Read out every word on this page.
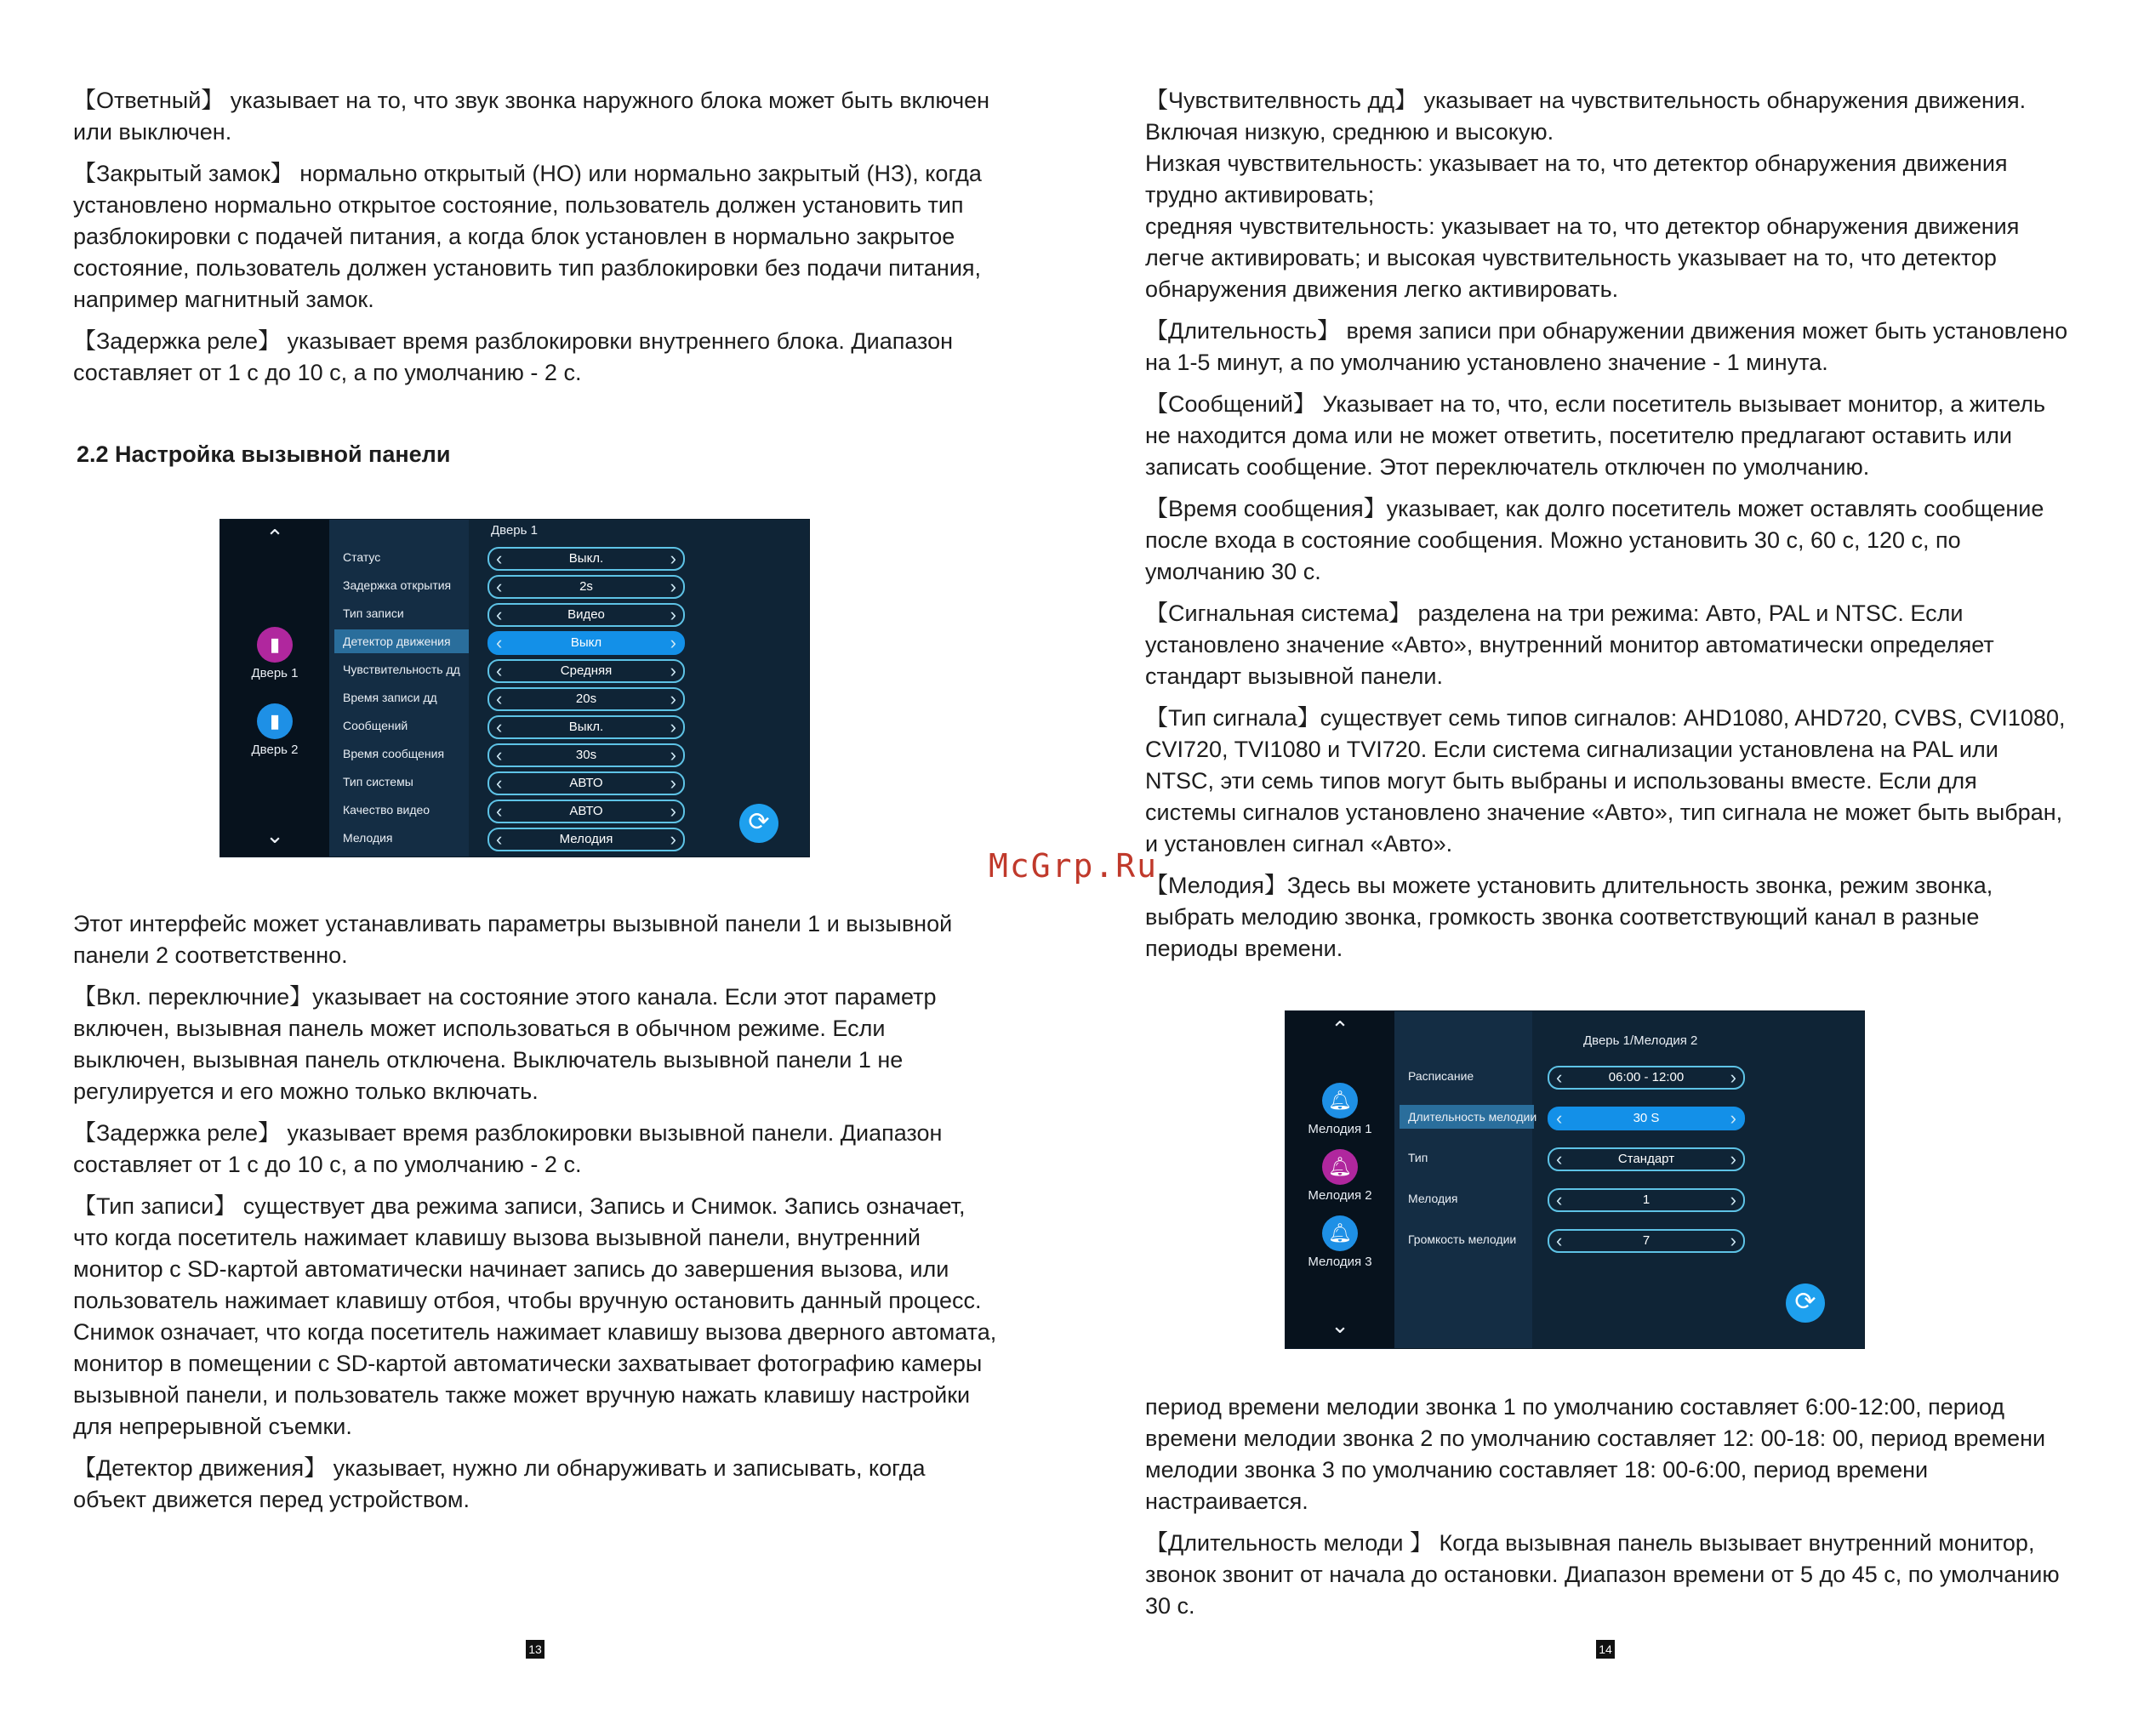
【Ответный】 указывает на то, что звук звонка наружного блока может быть включен или выключен.

【Закрытый замок】 нормально открытый (НО) или нормально закрытый (НЗ), когда установлено нормально открытое состояние, пользователь должен установить тип разблокировки с подачей питания, а когда блок установлен в нормально закрытое состояние, пользователь должен установить тип разблокировки без подачи питания, например магнитный замок.

【Задержка реле】 указывает время разблокировки внутреннего блока. Диапазон составляет от 1 с до 10 с, а по умолчанию - 2 с.

2.2 Настройка вызывной панели
⌃
▮
Дверь 1
▮
Дверь 2
⌄
Дверь 1
Статус	‹	Выкл.	›
Задержка открытия	‹	2s	›
Тип записи	‹	Видео	›
Детектор движения	‹	Выкл	›
Чувствительность дд	‹	Средняя	›
Время записи дд	‹	20s	›
Сообщений	‹	Выкл.	›
Время сообщения	‹	30s	›
Тип системы	‹	АВТО	›
Качество видео	‹	АВТО	›
Мелодия	‹	Мелодия	›
⟳

Этот интерфейс может устанавливать параметры вызывной панели 1 и вызывной панели 2 соответственно.

【Вкл. переключние】указывает на состояние этого канала. Если этот параметр включен, вызывная панель может использоваться в обычном режиме. Если выключен, вызывная панель отключена. Выключатель вызывной панели 1 не регулируется и его можно только включать.

【Задержка реле】 указывает время разблокировки вызывной панели. Диапазон составляет от 1 с до 10 с, а по умолчанию - 2 с.

【Тип записи】 существует два режима записи, Запись и Снимок. Запись означает, что когда посетитель нажимает клавишу вызова вызывной панели, внутренний монитор с SD-картой автоматически начинает запись до завершения вызова, или пользователь нажимает клавишу отбоя, чтобы вручную остановить данный процесс. Снимок означает, что когда посетитель нажимает клавишу вызова дверного автомата, монитор в помещении с SD-картой автоматически захватывает фотографию камеры вызывной панели, и пользователь также может вручную нажать клавишу настройки для непрерывной съемки.

【Детектор движения】 указывает, нужно ли обнаруживать и записывать, когда объект движется перед устройством.

【Чувствителвность дд】 указывает на чувствительность обнаружения движения. Включая низкую, среднюю и высокую.

Низкая чувствительность: указывает на то, что детектор обнаружения движения трудно активировать;

средняя чувствительность: указывает на то, что детектор обнаружения движения легче активировать; и высокая чувствительность указывает на то, что детектор обнаружения движения легко активировать.

【Длительность】 время записи при обнаружении движения может быть установлено на 1-5 минут, а по умолчанию установлено значение - 1 минута.

【Сообщений】 Указывает на то, что, если посетитель вызывает монитор, а житель не находится дома или не может ответить, посетителю предлагают оставить или записать сообщение. Этот переключатель отключен по умолчанию.

【Время сообщения】указывает, как долго посетитель может оставлять сообщение после входа в состояние сообщения. Можно установить 30 с, 60 с, 120 с, по умолчанию 30 с.

【Сигнальная система】 разделена на три режима: Авто, PAL и NTSC. Если установлено значение «Авто», внутренний монитор автоматически определяет стандарт вызывной панели.

【Тип сигнала】существует семь типов сигналов: AHD1080, AHD720, CVBS, CVI1080, CVI720, TVI1080 и TVI720. Если система сигнализации установлена на PAL или NTSC, эти семь типов могут быть выбраны и использованы вместе. Если для системы сигналов установлено значение «Авто», тип сигнала не может быть выбран, и установлен сигнал «Авто».

【Мелодия】Здесь вы можете установить длительность звонка, режим звонка, выбрать мелодию звонка, громкость звонка соответствующий канал в разные периоды времени.

⌃
🔔︎
Мелодия 1
🔔︎
Мелодия 2
🔔︎
Мелодия 3
⌄
Дверь 1/Мелодия 2
Расписание	‹	06:00 - 12:00 ›
Длительность мелодии ‹	30 S	›
Тип	‹	Стандарт	›
Мелодия	‹	1	›
Громкость мелодии	‹	7	›
⟳

период времени мелодии звонка 1 по умолчанию составляет 6:00-12:00, период времени мелодии звонка 2 по умолчанию составляет 12: 00-18: 00, период времени мелодии звонка 3 по умолчанию составляет 18: 00-6:00, период времени настраивается.

【Длительность мелоди 】 Когда вызывная панель вызывает внутренний монитор, звонок звонит от начала до остановки. Диапазон времени от 5 до 45 с, по умолчанию 30 с.

McGrp.Ru
13	14
